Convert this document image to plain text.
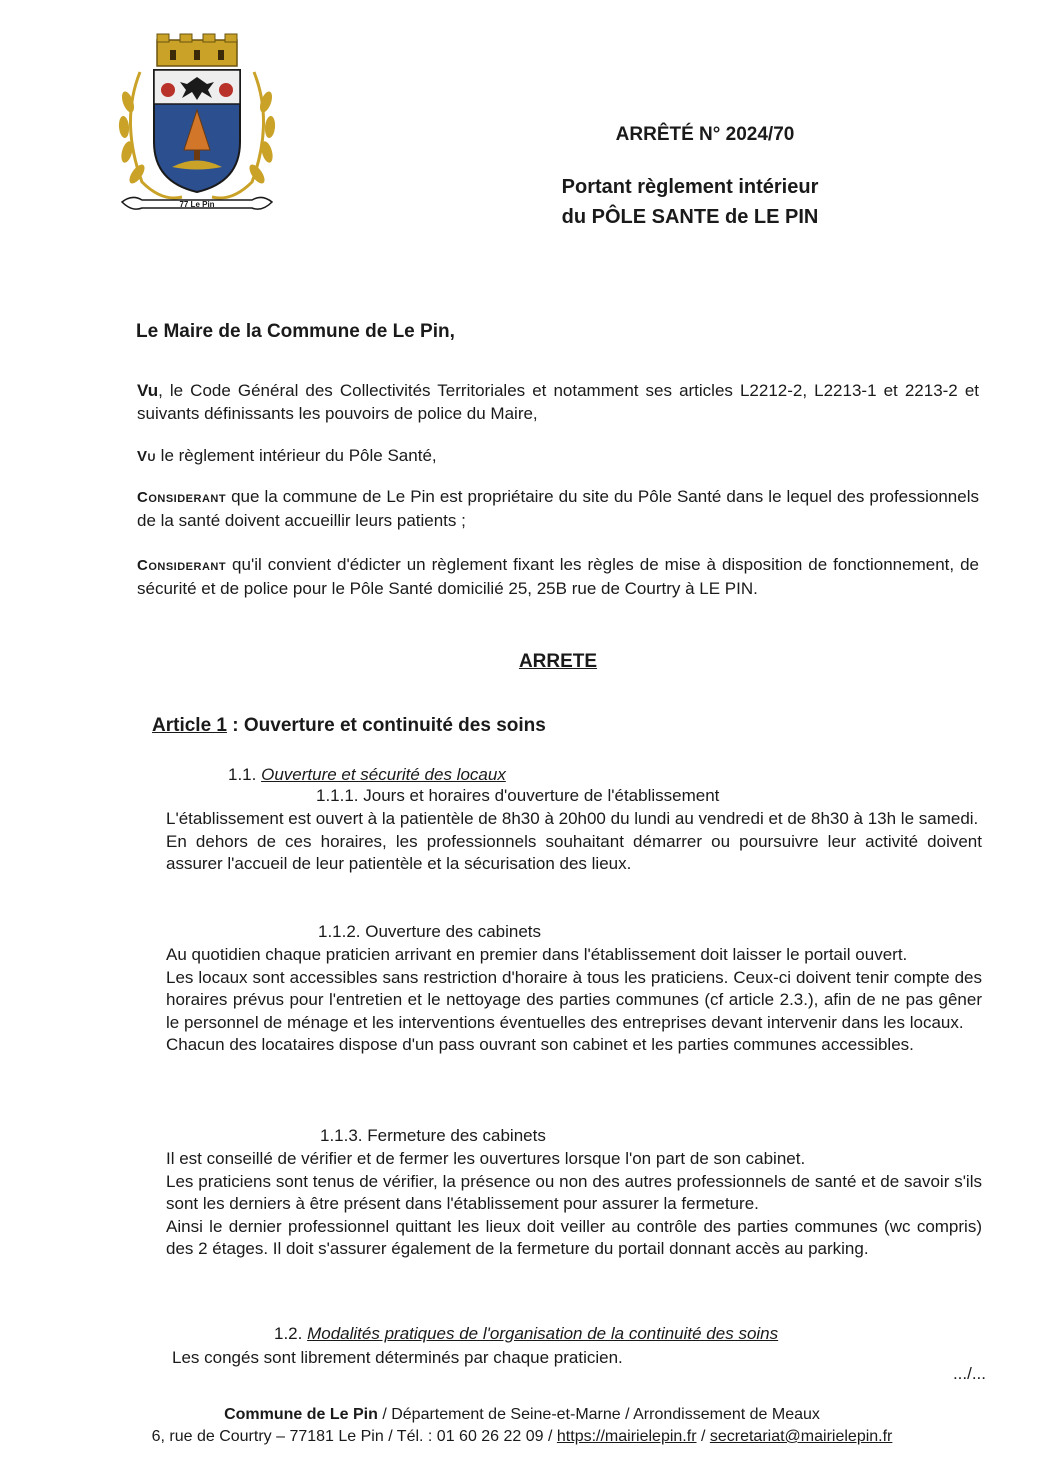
77 Le Pin

ARRÊTÉ N° 2024/70

Portant règlement intérieur

du PÔLE SANTE de LE PIN

Le Maire de la Commune de Le Pin,

Vu, le Code Général des Collectivités Territoriales et notamment ses articles L2212-2, L2213-1 et 2213-2 et suivants définissants les pouvoirs de police du Maire,

Vu le règlement intérieur du Pôle Santé,

Considerant que la commune de Le Pin est propriétaire du site du Pôle Santé dans le lequel des professionnels de la santé doivent accueillir leurs patients ;

Considerant qu'il convient d'édicter un règlement fixant les règles de mise à disposition de fonctionnement, de sécurité et de police pour le Pôle Santé domicilié 25, 25B rue de Courtry à LE PIN.

ARRETE

Article 1 : Ouverture et continuité des soins

1.1. Ouverture et sécurité des locaux

1.1.1. Jours et horaires d'ouverture de l'établissement

L'établissement est ouvert à la patientèle de 8h30 à 20h00 du lundi au vendredi et de 8h30 à 13h le samedi.
En dehors de ces horaires, les professionnels souhaitant démarrer ou poursuivre leur activité doivent assurer l'accueil de leur patientèle et la sécurisation des lieux.

1.1.2. Ouverture des cabinets

Au quotidien chaque praticien arrivant en premier dans l'établissement doit laisser le portail ouvert.
Les locaux sont accessibles sans restriction d'horaire à tous les praticiens. Ceux-ci doivent tenir compte des horaires prévus pour l'entretien et le nettoyage des parties communes (cf article 2.3.), afin de ne pas gêner le personnel de ménage et les interventions éventuelles des entreprises devant intervenir dans les locaux.
Chacun des locataires dispose d'un pass ouvrant son cabinet et les parties communes accessibles.

1.1.3. Fermeture des cabinets

Il est conseillé de vérifier et de fermer les ouvertures lorsque l'on part de son cabinet.
Les praticiens sont tenus de vérifier, la présence ou non des autres professionnels de santé et de savoir s'ils sont les derniers à être présent dans l'établissement pour assurer la fermeture.
Ainsi le dernier professionnel quittant les lieux doit veiller au contrôle des parties communes (wc compris) des 2 étages. Il doit s'assurer également de la fermeture du portail donnant accès au parking.

1.2. Modalités pratiques de l'organisation de la continuité des soins

Les congés sont librement déterminés par chaque praticien.

.../...

Commune de Le Pin / Département de Seine-et-Marne / Arrondissement de Meaux

6, rue de Courtry – 77181 Le Pin / Tél. : 01 60 26 22 09 / https://mairielepin.fr / secretariat@mairielepin.fr
